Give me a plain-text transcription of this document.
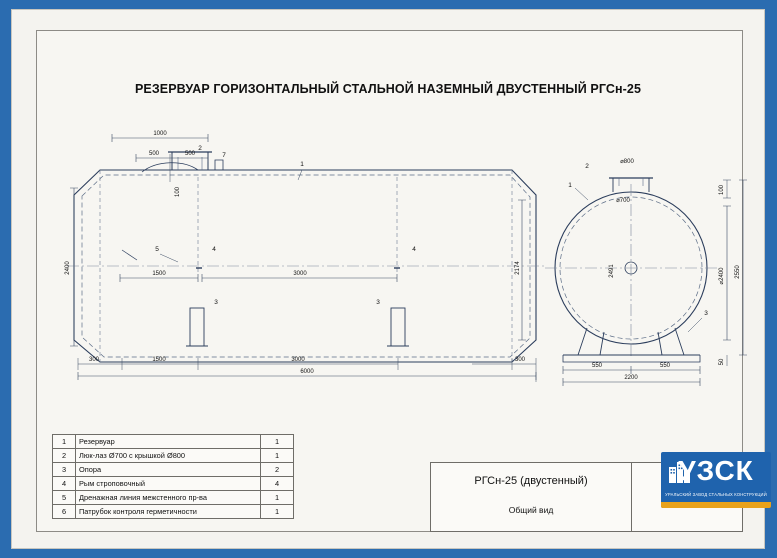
РЕЗЕРВУАР ГОРИЗОНТАЛЬНЫЙ СТАЛЬНОЙ НАЗЕМНЫЙ ДВУСТЕННЫЙ РГСн-25
1000
500	500
100
2400	2174
1500	3000
300	1500	3000	300
6000
⌀800
⌀700
100
⌀2400 2550
2491
550	550
2200
50
1
2
7
5	4	4
3	3
2
1
3
1	Резервуар	1
2	Люк-лаз Ø700 с крышкой Ø800	1
3	Опора	2
4	Рым строповочный	4
5	Дренажная линия межстенного пр-ва	1
6	Патрубок контроля герметичности	1
РГСн-25 (двустенный)
Общий вид
УЗСК
УРАЛЬСКИЙ ЗАВОД СТАЛЬНЫХ КОНСТРУКЦИЙ
